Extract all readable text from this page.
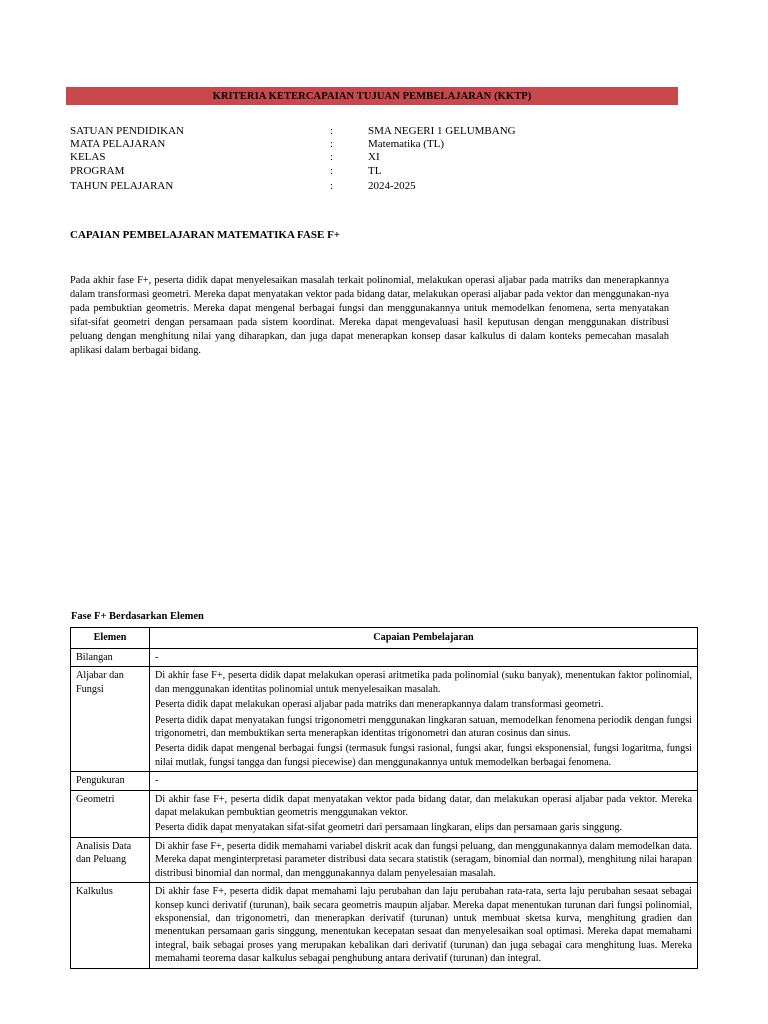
KRITERIA KETERCAPAIAN TUJUAN PEMBELAJARAN (KKTP)
SATUAN PENDIDIKAN	:	SMA NEGERI 1 GELUMBANG
MATA PELAJARAN	:	Matematika (TL)
KELAS	:	XI
PROGRAM	:	TL
TAHUN PELAJARAN	:	2024-2025
CAPAIAN PEMBELAJARAN MATEMATIKA FASE F+

Pada akhir fase F+, peserta didik dapat menyelesaikan masalah terkait polinomial, melakukan operasi aljabar pada matriks dan menerapkannya dalam transformasi geometri. Mereka dapat menyatakan vektor pada bidang datar, melakukan operasi aljabar pada vektor dan menggunakan-nya pada pembuktian geometris. Mereka dapat mengenal berbagai fungsi dan menggunakannya untuk memodelkan fenomena, serta menyatakan sifat-sifat geometri dengan persamaan pada sistem koordinat. Mereka dapat mengevaluasi hasil keputusan dengan menggunakan distribusi peluang dengan menghitung nilai yang diharapkan, dan juga dapat menerapkan konsep dasar kalkulus di dalam konteks pemecahan masalah aplikasi dalam berbagai bidang.

Fase F+ Berdasarkan Elemen
Elemen	Capaian Pembelajaran
Bilangan	-

Aljabar dan Fungsi	Di akhir fase F+, peserta didik dapat melakukan operasi aritmetika pada polinomial (suku banyak), menentukan faktor polinomial, dan menggunakan identitas polinomial untuk menyelesaikan masalah.
Peserta didik dapat melakukan operasi aljabar pada matriks dan menerapkannya dalam transformasi geometri.
Peserta didik dapat menyatakan fungsi trigonometri menggunakan lingkaran satuan, memodelkan fenomena periodik dengan fungsi trigonometri, dan membuktikan serta menerapkan identitas trigonometri dan aturan cosinus dan sinus.
Peserta didik dapat mengenal berbagai fungsi (termasuk fungsi rasional, fungsi akar, fungsi eksponensial, fungsi logaritma, fungsi nilai mutlak, fungsi tangga dan fungsi piecewise) dan menggunakannya untuk memodelkan berbagai fenomena.

Pengukuran	-

Geometri	Di akhir fase F+, peserta didik dapat menyatakan vektor pada bidang datar, dan melakukan operasi aljabar pada vektor. Mereka dapat melakukan pembuktian geometris menggunakan vektor.
Peserta didik dapat menyatakan sifat-sifat geometri dari persamaan lingkaran, elips dan persamaan garis singgung.

Analisis Data dan Peluang	Di akhir fase F+, peserta didik memahami variabel diskrit acak dan fungsi peluang, dan menggunakannya dalam memodelkan data. Mereka dapat menginterpretasi parameter distribusi data secara statistik (seragam, binomial dan normal), menghitung nilai harapan distribusi binomial dan normal, dan menggunakannya dalam penyelesaian masalah.

Kalkulus	Di akhir fase F+, peserta didik dapat memahami laju perubahan dan laju perubahan rata-rata, serta laju perubahan sesaat sebagai konsep kunci derivatif (turunan), baik secara geometris maupun aljabar. Mereka dapat menentukan turunan dari fungsi polinomial, eksponensial, dan trigonometri, dan menerapkan derivatif (turunan) untuk membuat sketsa kurva, menghitung gradien dan menentukan persamaan garis singgung, menentukan kecepatan sesaat dan menyelesaikan soal optimasi. Mereka dapat memahami integral, baik sebagai proses yang merupakan kebalikan dari derivatif (turunan) dan juga sebagai cara menghitung luas. Mereka memahami teorema dasar kalkulus sebagai penghubung antara derivatif (turunan) dan integral.
